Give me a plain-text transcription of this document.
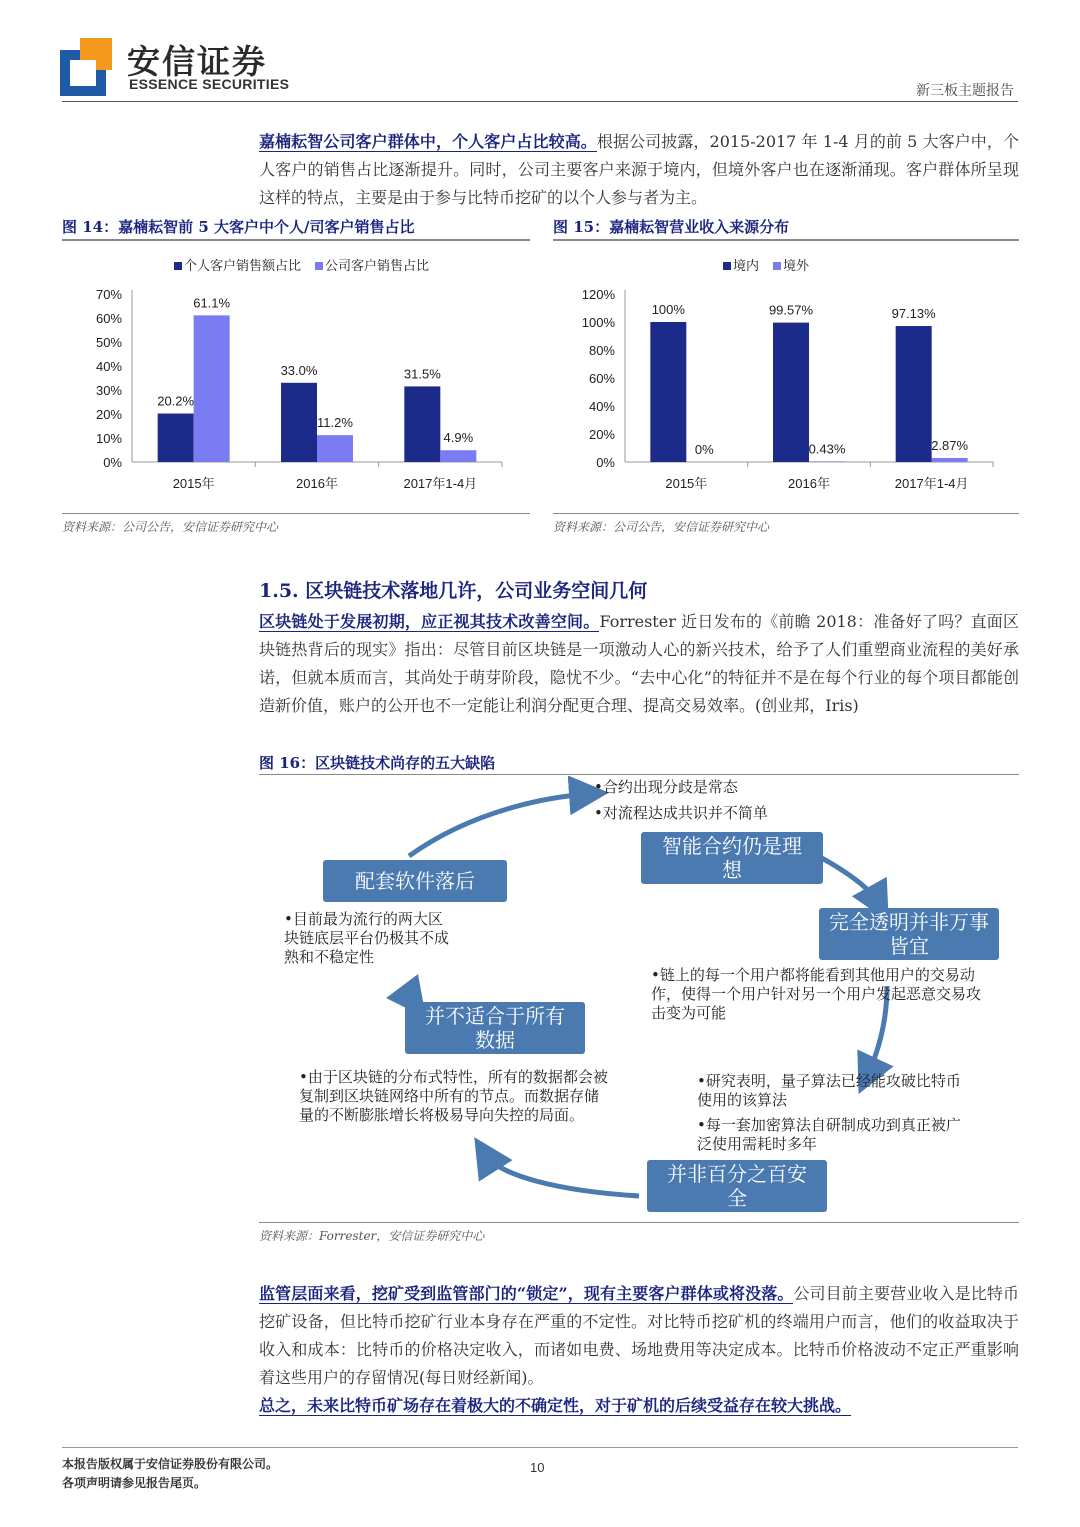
安信证券
ESSENCE SECURITIES	新三板主题报告
嘉楠耘智公司客户群体中，个人客户占比较高。根据公司披露，2015-2017 年 1-4 月的前 5 大客户中，个人客户的销售占比逐渐提升。同时，公司主要客户来源于境内，但境外客户也在逐渐涌现。客户群体所呈现这样的特点，主要是由于参与比特币挖矿的以个人参与者为主。
图 14：嘉楠耘智前 5 大客户中个人/司客户销售占比	图 15：嘉楠耘智营业收入来源分布
个人客户销售额占比 公司客户销售占比
0%
10%
20%
30%
40%
50%
60%
70%
2015年
20.2%
61.1%
2016年
33.0%
11.2%
2017年1-4月
31.5%
4.9%
境内 境外
0%
20%
40%
60%
80%
100%
120%
2015年
100%
0%
2016年
99.57%
0.43%
2017年1-4月
97.13%
2.87%
资料来源：公司公告，安信证券研究中心	资料来源：公司公告，安信证券研究中心
1.5. 区块链技术落地几许，公司业务空间几何
区块链处于发展初期，应正视其技术改善空间。Forrester 近日发布的《前瞻 2018：准备好了吗？直面区块链热背后的现实》指出：尽管目前区块链是一项激动人心的新兴技术，给予了人们重塑商业流程的美好承诺，但就本质而言，其尚处于萌芽阶段，隐忧不少。“去中心化”的特征并不是在每个行业的每个项目都能创造新价值，账户的公开也不一定能让利润分配更合理、提高交易效率。(创业邦，Iris)
图 16：区块链技术尚存的五大缺陷
•合约出现分歧是常态
•对流程达成共识并不简单
智能合约仍是理想
配套软件落后
完全透明并非万事皆宜
•目前最为流行的两大区块链底层平台仍极其不成熟和不稳定性
•链上的每一个用户都将能看到其他用户的交易动作，使得一个用户针对另一个用户发起恶意交易攻击变为可能
并不适合于所有数据
•由于区块链的分布式特性，所有的数据都会被复制到区块链网络中所有的节点。而数据存储量的不断膨胀增长将极易导向失控的局面。
•研究表明，量子算法已经能攻破比特币使用的该算法
•每一套加密算法自研制成功到真正被广泛使用需耗时多年
并非百分之百安全
资料来源：Forrester，安信证券研究中心
监管层面来看，挖矿受到监管部门的“锁定”，现有主要客户群体或将没落。公司目前主要营业收入是比特币挖矿设备，但比特币挖矿行业本身存在严重的不定性。对比特币挖矿机的终端用户而言，他们的收益取决于收入和成本：比特币的价格决定收入，而诸如电费、场地费用等决定成本。比特币价格波动不定正严重影响着这些用户的存留情况(每日财经新闻)。
总之，未来比特币矿场存在着极大的不确定性，对于矿机的后续受益存在较大挑战。
本报告版权属于安信证券股份有限公司。
各项声明请参见报告尾页。
10
